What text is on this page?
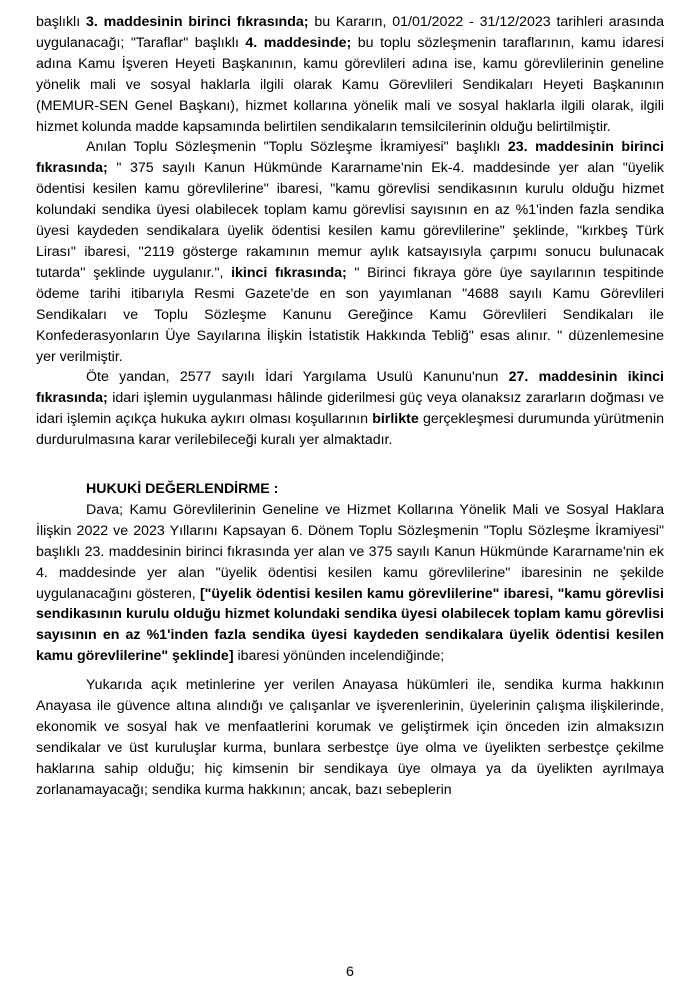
başlıklı 3. maddesinin birinci fıkrasında; bu Kararın, 01/01/2022 - 31/12/2023 tarihleri arasında uygulanacağı; "Taraflar" başlıklı 4. maddesinde; bu toplu sözleşmenin taraflarının, kamu idaresi adına Kamu İşveren Heyeti Başkanının, kamu görevlileri adına ise, kamu görevlilerinin geneline yönelik mali ve sosyal haklarla ilgili olarak Kamu Görevlileri Sendikaları Heyeti Başkanının (MEMUR-SEN Genel Başkanı), hizmet kollarına yönelik mali ve sosyal haklarla ilgili olarak, ilgili hizmet kolunda madde kapsamında belirtilen sendikaların temsilcilerinin olduğu belirtilmiştir.

Anılan Toplu Sözleşmenin "Toplu Sözleşme İkramiyesi" başlıklı 23. maddesinin birinci fıkrasında; " 375 sayılı Kanun Hükmünde Kararname'nin Ek-4. maddesinde yer alan "üyelik ödentisi kesilen kamu görevlilerine" ibaresi, "kamu görevlisi sendikasının kurulu olduğu hizmet kolundaki sendika üyesi olabilecek toplam kamu görevlisi sayısının en az %1'inden fazla sendika üyesi kaydeden sendikalara üyelik ödentisi kesilen kamu görevlilerine" şeklinde, ''kırkbeş Türk Lirası'' ibaresi, ''2119 gösterge rakamının memur aylık katsayısıyla çarpımı sonucu bulunacak tutarda'' şeklinde uygulanır.", ikinci fıkrasında; " Birinci fıkraya göre üye sayılarının tespitinde ödeme tarihi itibarıyla Resmi Gazete'de en son yayımlanan "4688 sayılı Kamu Görevlileri Sendikaları ve Toplu Sözleşme Kanunu Gereğince Kamu Görevlileri Sendikaları ile Konfederasyonların Üye Sayılarına İlişkin İstatistik Hakkında Tebliğ" esas alınır. '' düzenlemesine yer verilmiştir.

Öte yandan, 2577 sayılı İdari Yargılama Usulü Kanunu'nun 27. maddesinin ikinci fıkrasında; idari işlemin uygulanması hâlinde giderilmesi güç veya olanaksız zararların doğması ve idari işlemin açıkça hukuka aykırı olması koşullarının birlikte gerçekleşmesi durumunda yürütmenin durdurulmasına karar verilebileceği kuralı yer almaktadır.

HUKUKİ DEĞERLENDİRME :

Dava; Kamu Görevlilerinin Geneline ve Hizmet Kollarına Yönelik Mali ve Sosyal Haklara İlişkin 2022 ve 2023 Yıllarını Kapsayan 6. Dönem Toplu Sözleşmenin "Toplu Sözleşme İkramiyesi" başlıklı 23. maddesinin birinci fıkrasında yer alan ve 375 sayılı Kanun Hükmünde Kararname'nin ek 4. maddesinde yer alan "üyelik ödentisi kesilen kamu görevlilerine" ibaresinin ne şekilde uygulanacağını gösteren, ["üyelik ödentisi kesilen kamu görevlilerine" ibaresi, "kamu görevlisi sendikasının kurulu olduğu hizmet kolundaki sendika üyesi olabilecek toplam kamu görevlisi sayısının en az %1'inden fazla sendika üyesi kaydeden sendikalara üyelik ödentisi kesilen kamu görevlilerine" şeklinde] ibaresi yönünden incelendiğinde;

Yukarıda açık metinlerine yer verilen Anayasa hükümleri ile, sendika kurma hakkının Anayasa ile güvence altına alındığı ve çalışanlar ve işverenlerinin, üyelerinin çalışma ilişkilerinde, ekonomik ve sosyal hak ve menfaatlerini korumak ve geliştirmek için önceden izin almaksızın sendikalar ve üst kuruluşlar kurma, bunlara serbestçe üye olma ve üyelikten serbestçe çekilme haklarına sahip olduğu; hiç kimsenin bir sendikaya üye olmaya ya da üyelikten ayrılmaya zorlanamayacağı; sendika kurma hakkının; ancak, bazı sebeplerin

6
